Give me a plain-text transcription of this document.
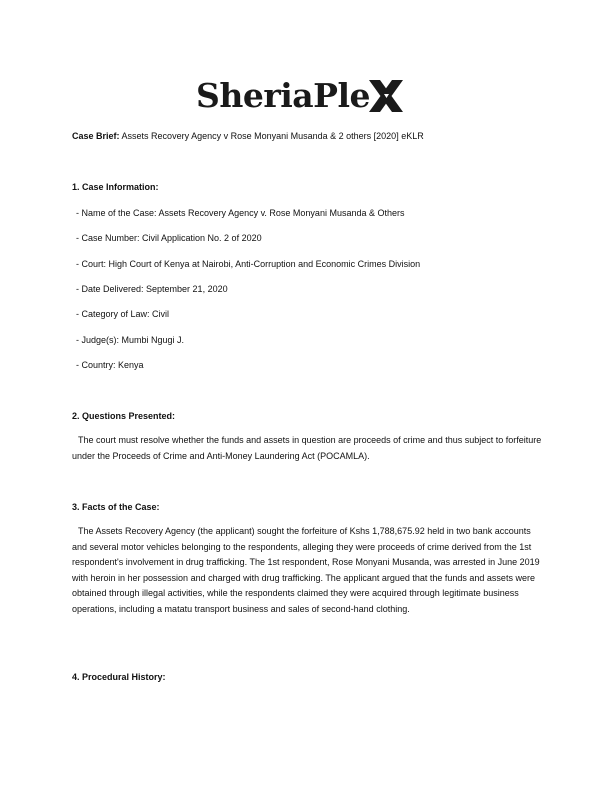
SheriaPle
Case Brief: Assets Recovery Agency v Rose Monyani Musanda & 2 others [2020] eKLR
1. Case Information:
- Name of the Case: Assets Recovery Agency v. Rose Monyani Musanda & Others
- Case Number: Civil Application No. 2 of 2020
- Court: High Court of Kenya at Nairobi, Anti-Corruption and Economic Crimes Division
- Date Delivered: September 21, 2020
- Category of Law: Civil
- Judge(s): Mumbi Ngugi J.
- Country: Kenya
2. Questions Presented:
The court must resolve whether the funds and assets in question are proceeds of crime and thus subject to forfeiture under the Proceeds of Crime and Anti-Money Laundering Act (POCAMLA).
3. Facts of the Case:
The Assets Recovery Agency (the applicant) sought the forfeiture of Kshs 1,788,675.92 held in two bank accounts and several motor vehicles belonging to the respondents, alleging they were proceeds of crime derived from the 1st respondent's involvement in drug trafficking. The 1st respondent, Rose Monyani Musanda, was arrested in June 2019 with heroin in her possession and charged with drug trafficking. The applicant argued that the funds and assets were obtained through illegal activities, while the respondents claimed they were acquired through legitimate business operations, including a matatu transport business and sales of second-hand clothing.
4. Procedural History:
